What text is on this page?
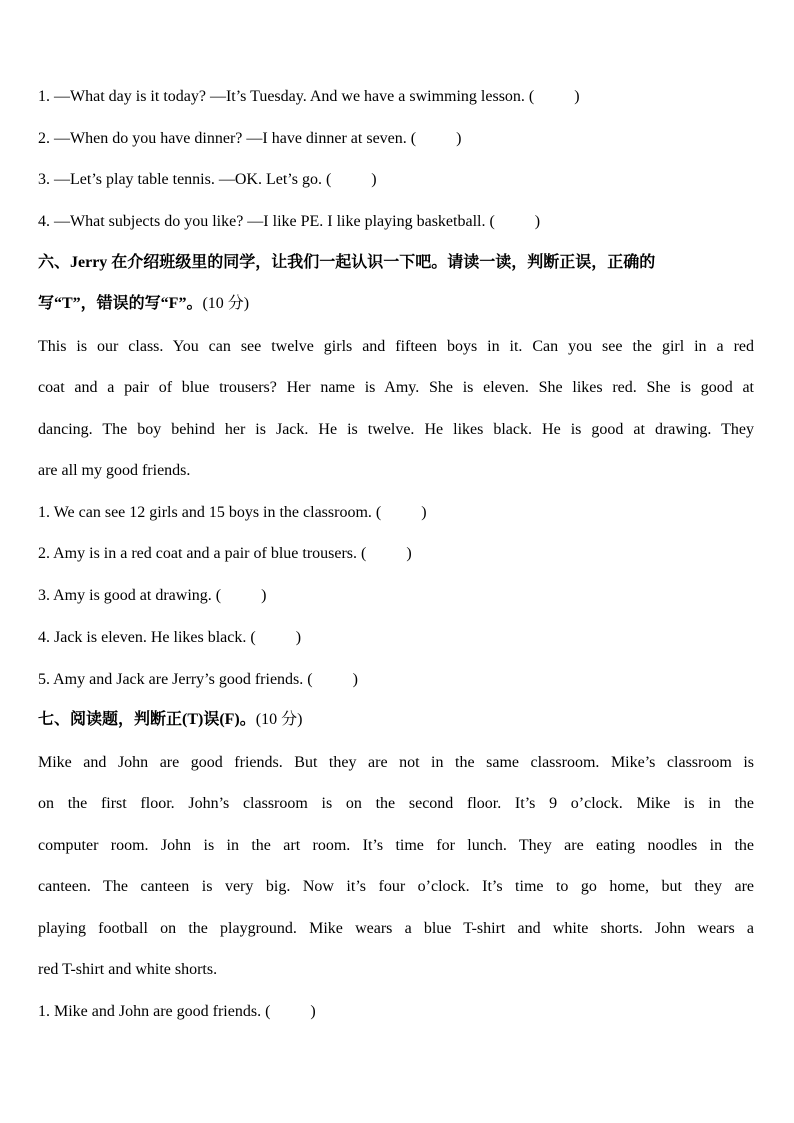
1. —What day is it today? —It’s Tuesday. And we have a swimming lesson. (          )
2. —When do you have dinner? —I have dinner at seven. (          )
3. —Let’s play table tennis. —OK. Let’s go. (          )
4. —What subjects do you like? —I like PE. I like playing basketball. (          )
六、Jerry 在介绍班级里的同学，让我们一起认识一下吧。请读一读，判断正误，正确的
写“T”，错误的写“F”。(10 分)
This is our class. You can see twelve girls and fifteen boys in it. Can you see the girl in a red
coat and a pair of blue trousers? Her name is Amy. She is eleven. She likes red. She is good at
dancing. The boy behind her is Jack. He is twelve. He likes black. He is good at drawing. They
are all my good friends.
1. We can see 12 girls and 15 boys in the classroom. (          )
2. Amy is in a red coat and a pair of blue trousers. (          )
3. Amy is good at drawing. (          )
4. Jack is eleven. He likes black. (          )
5. Amy and Jack are Jerry’s good friends. (          )
七、阅读题，判断正(T)误(F)。(10 分)
Mike and John are good friends. But they are not in the same classroom. Mike’s classroom is
on the first floor. John’s classroom is on the second floor. It’s 9 o’clock. Mike is in the
computer room. John is in the art room. It’s time for lunch. They are eating noodles in the
canteen. The canteen is very big. Now it’s four o’clock. It’s time to go home, but they are
playing football on the playground. Mike wears a blue T-shirt and white shorts. John wears a
red T-shirt and white shorts.
1. Mike and John are good friends. (          )
